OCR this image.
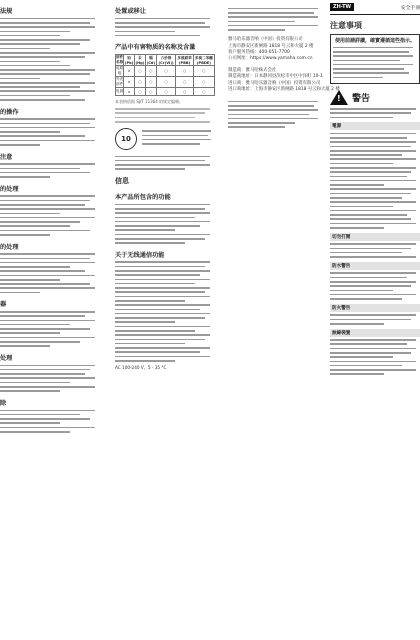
法规
的操作
注意
的处理
的处理
器
处理
除
处置或移让
产品中有害物质的名称及含量
部件名称	铅(Pb)	汞(Hg)	镉(Cd)	六价铬(Cr(VI))	多溴联苯(PBB)	多溴二苯醚(PBDE)
电路板	×	○	○	○	○	○
外壳部件	×	○	○	○	○	○
电源	×	○	○	○	○	○
本表格依据 SJ/T 11364 的规定编制。
10
信息
本产品所包含的功能
关于无线通信功能
AC 100-240 V，5 - 35 °C
雅马哈乐器音响（中国）投资有限公司
上海市静安区新闸路 1818 号云和大厦 2 楼
客户服务热线：400-051-7700
公司网址：https://www.yamaha.com.cn
制造商：雅马哈株式会社
制造商地址：日本静冈县滨松市中区中泽町 10-1
进口商：雅马哈乐器音响（中国）投资有限公司
进口商地址：上海市静安区新闸路 1818 号云和大厦 2 楼
ZH-TW	安全手冊
注意事項
使用前請詳讀，確實遵循這些指示。
! 警告
電源
切勿打開
防水警告
防火警告
無線裝置
